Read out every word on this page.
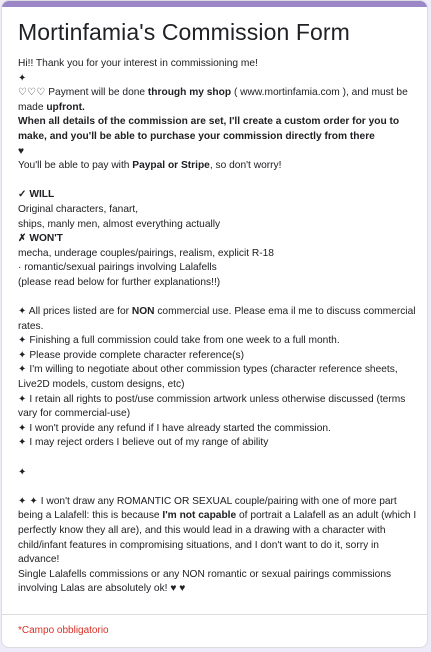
Mortinfamia's Commission Form

Hi!! Thank you for your interest in commissioning me!

✦

♡♡♡ Payment will be done through my shop ( www.mortinfamia.com ), and must be made upfront.

When all details of the commission are set, I'll create a custom order for you to make, and you'll be able to purchase your commission directly from there

♥

You'll be able to pay with Paypal or Stripe, so don't worry!

✓ WILL

Original characters, fanart,

ships, manly men, almost everything actually

✗ WON'T

mecha, underage couples/pairings, realism, explicit R-18

· romantic/sexual pairings involving Lalafells

(please read below for further explanations!!)

✦ All prices listed are for NON commercial use. Please ema il me to discuss commercial rates.

✦ Finishing a full commission could take from one week to a full month.

✦ Please provide complete character reference(s)

✦ I'm willing to negotiate about other commission types (character reference sheets, Live2D models, custom designs, etc)

✦ I retain all rights to post/use commission artwork unless otherwise discussed (terms vary for commercial-use)

✦ I won't provide any refund if I have already started the commission.

✦ I may reject orders I believe out of my range of ability

✦

✦ ✦ I won't draw any ROMANTIC OR SEXUAL couple/pairing with one of more part being a Lalafell: this is because I'm not capable of portrait a Lalafell as an adult (which I perfectly know they all are), and this would lead in a drawing with a character with child/infant features in compromising situations, and I don't want to do it, sorry in advance!

Single Lalafells commissions or any NON romantic or sexual pairings commissions involving Lalas are absolutely ok! ♥ ♥

*Campo obbligatorio
